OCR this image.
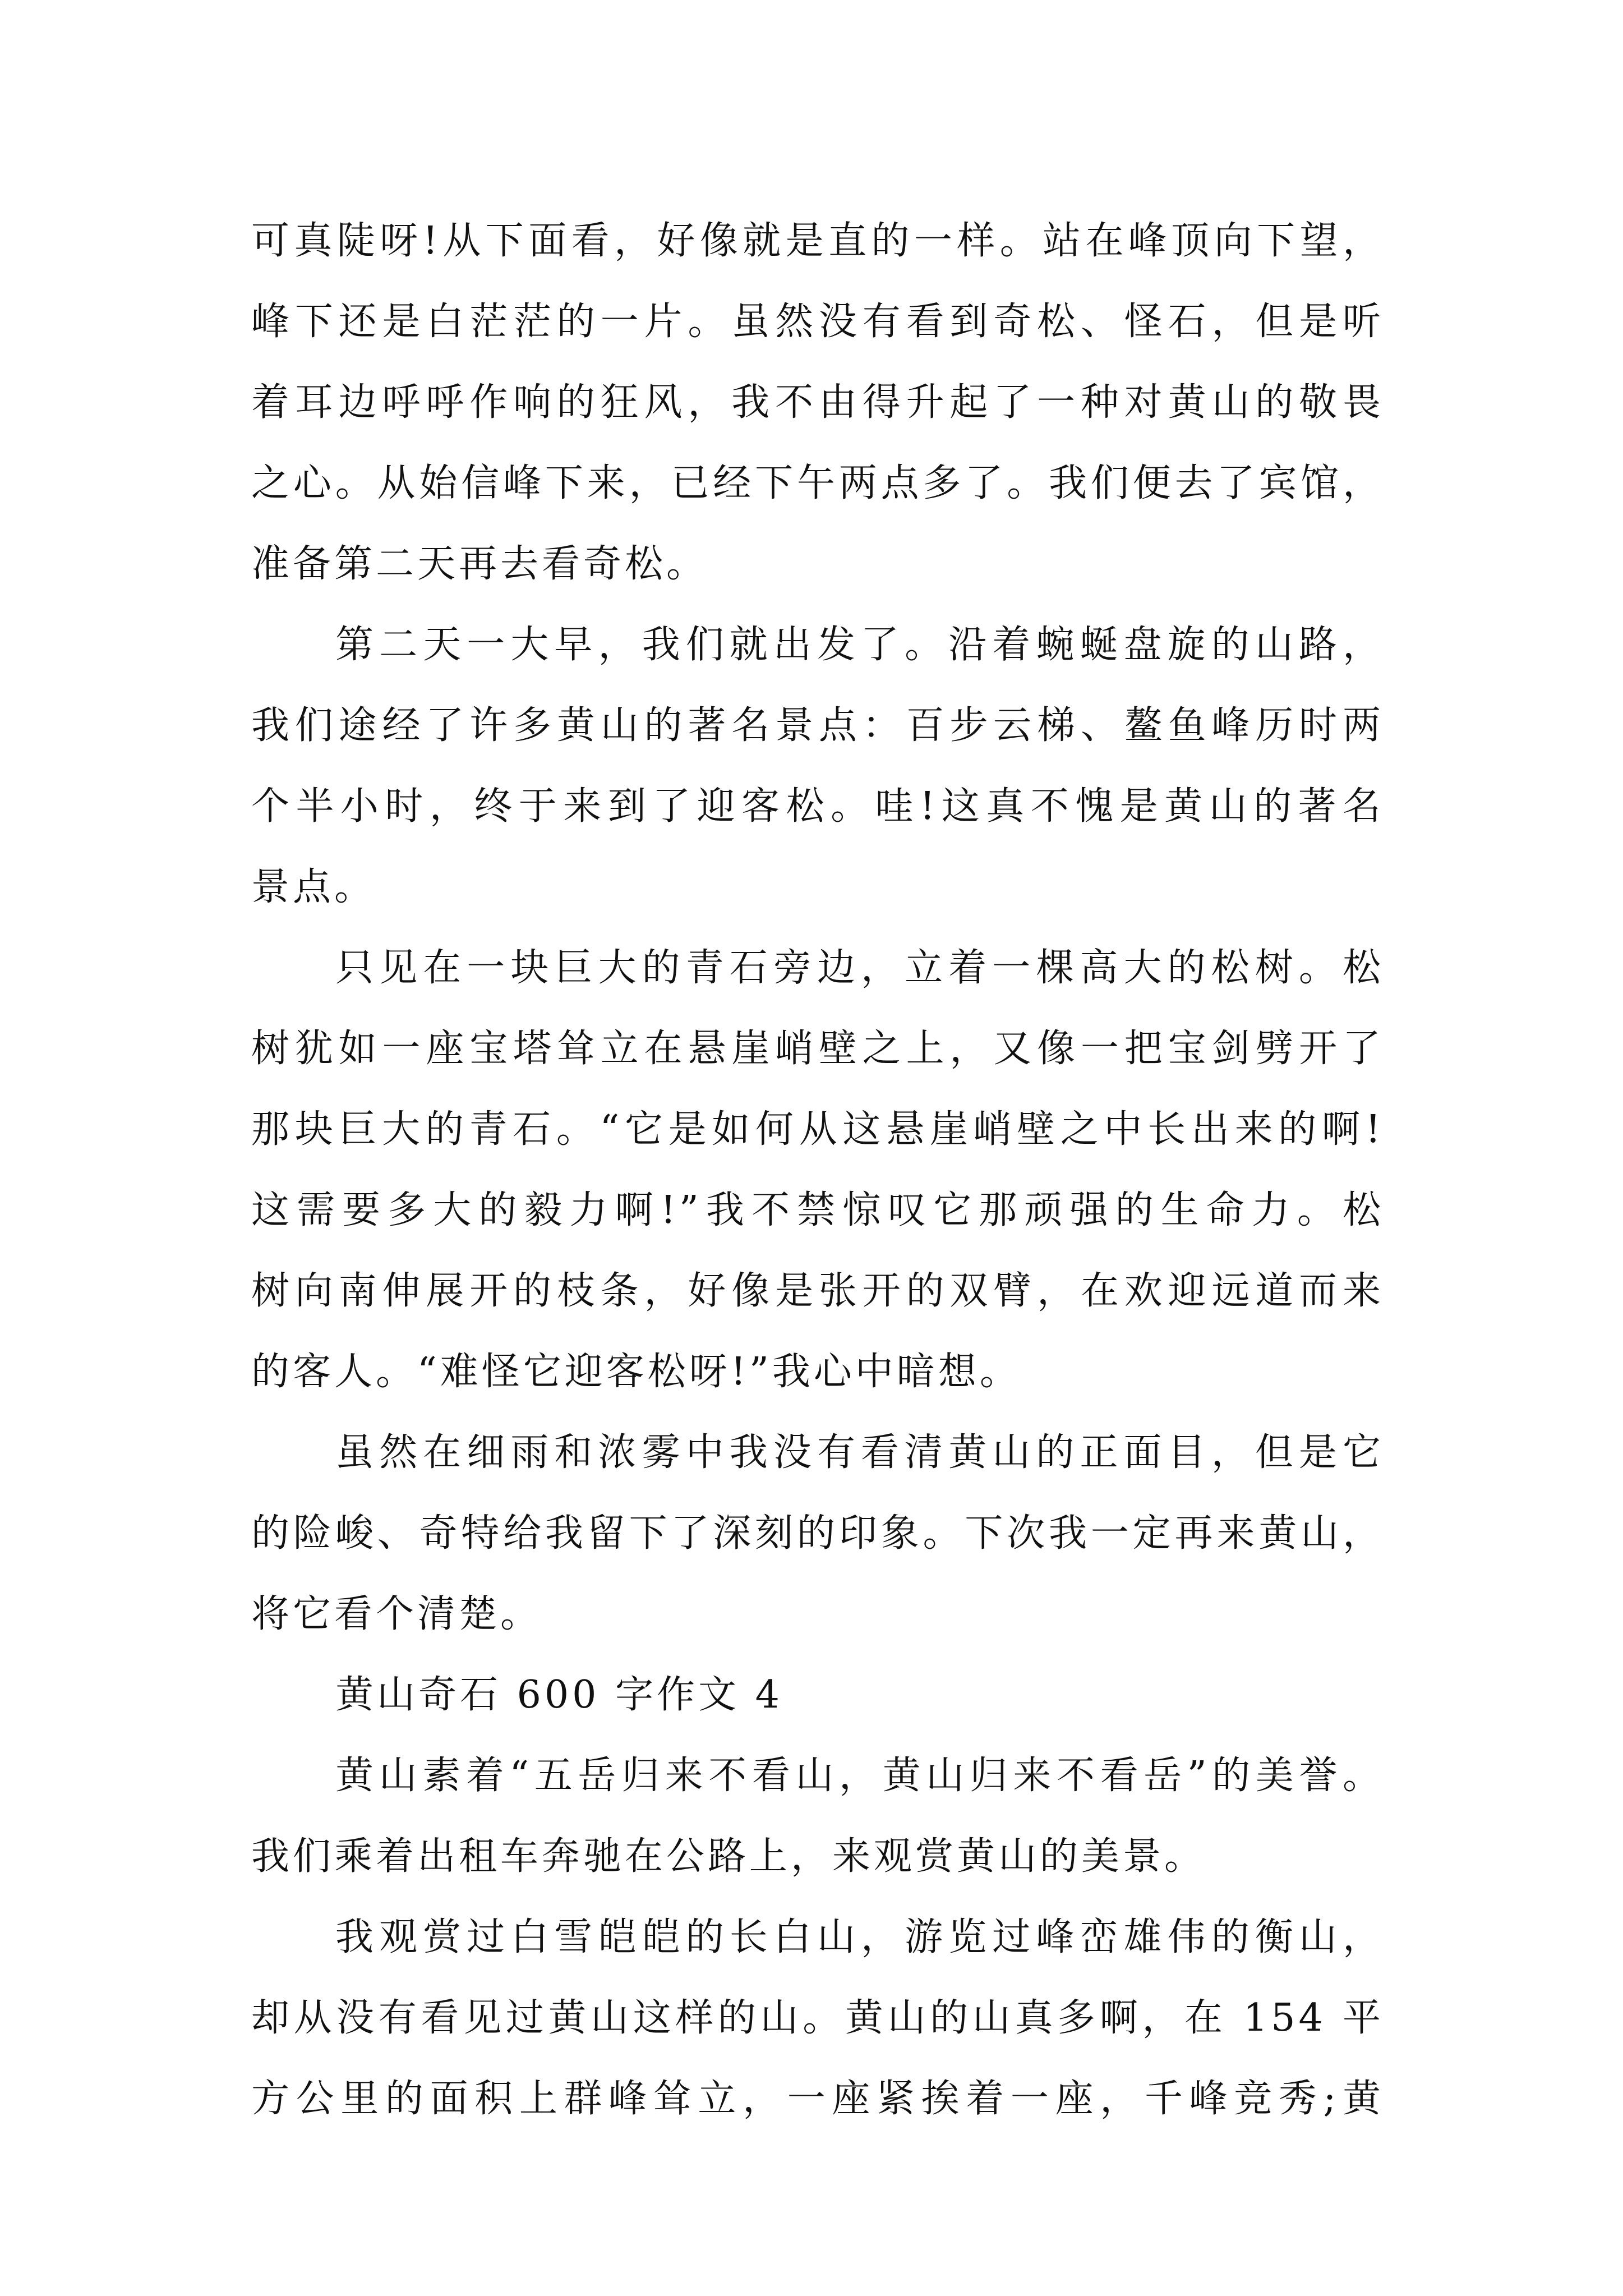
可真陡呀!从下面看，好像就是直的一样。站在峰顶向下望，
峰下还是白茫茫的一片。虽然没有看到奇松、怪石，但是听
着耳边呼呼作响的狂风，我不由得升起了一种对黄山的敬畏
之心。从始信峰下来，已经下午两点多了。我们便去了宾馆，
准备第二天再去看奇松。
第二天一大早，我们就出发了。沿着蜿蜒盘旋的山路，
我们途经了许多黄山的著名景点：百步云梯、鳌鱼峰历时两
个半小时，终于来到了迎客松。哇!这真不愧是黄山的著名
景点。
只见在一块巨大的青石旁边，立着一棵高大的松树。松
树犹如一座宝塔耸立在悬崖峭壁之上，又像一把宝剑劈开了
那块巨大的青石。“它是如何从这悬崖峭壁之中长出来的啊!
这需要多大的毅力啊!”我不禁惊叹它那顽强的生命力。松
树向南伸展开的枝条，好像是张开的双臂，在欢迎远道而来
的客人。“难怪它迎客松呀!”我心中暗想。
虽然在细雨和浓雾中我没有看清黄山的正面目，但是它
的险峻、奇特给我留下了深刻的印象。下次我一定再来黄山，
将它看个清楚。
黄山奇石 600 字作文 4
黄山素着“五岳归来不看山，黄山归来不看岳”的美誉。
我们乘着出租车奔驰在公路上，来观赏黄山的美景。
我观赏过白雪皑皑的长白山，游览过峰峦雄伟的衡山，
却从没有看见过黄山这样的山。黄山的山真多啊，在 154 平
方公里的面积上群峰耸立，一座紧挨着一座，千峰竞秀;黄
